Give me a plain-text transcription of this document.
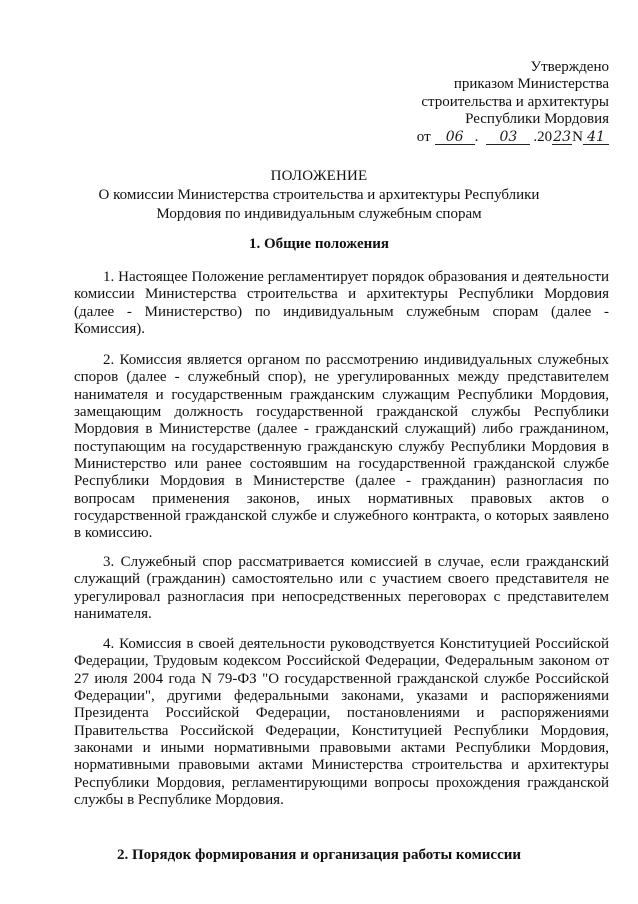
Утверждено
приказом Министерства
строительства и архитектуры
Республики Мордовия
от 06 . 03 .2023N 41
ПОЛОЖЕНИЕ
О комиссии Министерства строительства и архитектуры Республики
Мордовия по индивидуальным служебным спорам
1. Общие положения
1. Настоящее Положение регламентирует порядок образования и деятельности комиссии Министерства строительства и архитектуры Республики Мордовия (далее - Министерство) по индивидуальным служебным спорам (далее - Комиссия).
2. Комиссия является органом по рассмотрению индивидуальных служебных споров (далее - служебный спор), не урегулированных между представителем нанимателя и государственным гражданским служащим Республики Мордовия, замещающим должность государственной гражданской службы Республики Мордовия в Министерстве (далее - гражданский служащий) либо гражданином, поступающим на государственную гражданскую службу Республики Мордовия в Министерство или ранее состоявшим на государственной гражданской службе Республики Мордовия в Министерстве (далее - гражданин) разногласия по вопросам применения законов, иных нормативных правовых актов о государственной гражданской службе и служебного контракта, о которых заявлено в комиссию.
3. Служебный спор рассматривается комиссией в случае, если гражданский служащий (гражданин) самостоятельно или с участием своего представителя не урегулировал разногласия при непосредственных переговорах с представителем нанимателя.
4. Комиссия в своей деятельности руководствуется Конституцией Российской Федерации, Трудовым кодексом Российской Федерации, Федеральным законом от 27 июля 2004 года N 79-ФЗ "О государственной гражданской службе Российской Федерации", другими федеральными законами, указами и распоряжениями Президента Российской Федерации, постановлениями и распоряжениями Правительства Российской Федерации, Конституцией Республики Мордовия, законами и иными нормативными правовыми актами Республики Мордовия, нормативными правовыми актами Министерства строительства и архитектуры Республики Мордовия, регламентирующими вопросы прохождения гражданской службы в Республике Мордовия.
2. Порядок формирования и организация работы комиссии
